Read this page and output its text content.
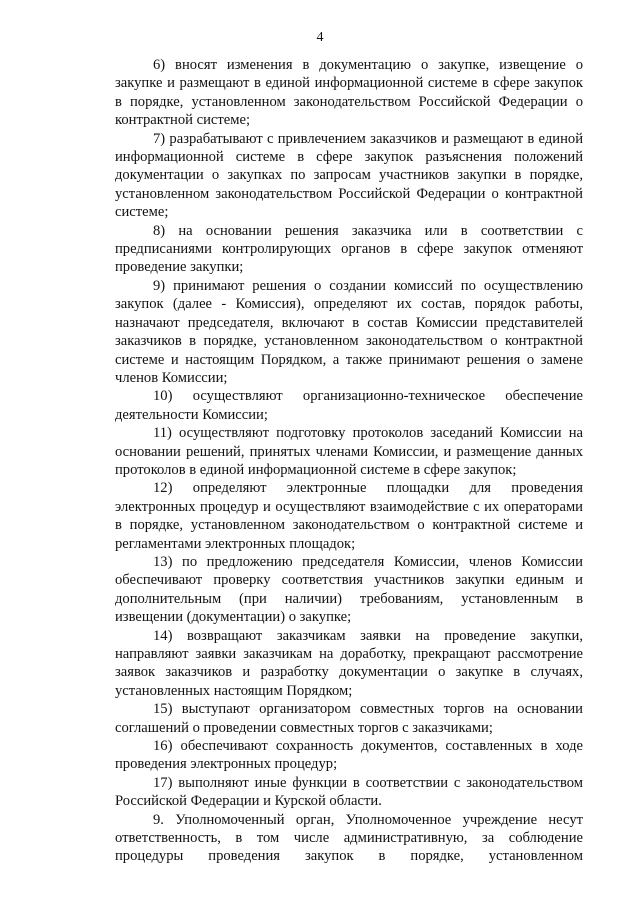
4

6) вносят изменения в документацию о закупке, извещение о закупке и размещают в единой информационной системе в сфере закупок в порядке, установленном законодательством Российской Федерации о контрактной системе;

7) разрабатывают с привлечением заказчиков и размещают в единой информационной системе в сфере закупок разъяснения положений документации о закупках по запросам участников закупки в порядке, установленном законодательством Российской Федерации о контрактной системе;

8) на основании решения заказчика или в соответствии с предписаниями контролирующих органов в сфере закупок отменяют проведение закупки;

9) принимают решения о создании комиссий по осуществлению закупок (далее - Комиссия), определяют их состав, порядок работы, назначают председателя, включают в состав Комиссии представителей заказчиков в порядке, установленном законодательством о контрактной системе и настоящим Порядком, а также принимают решения о замене членов Комиссии;

10) осуществляют организационно-техническое обеспечение деятельности Комиссии;

11) осуществляют подготовку протоколов заседаний Комиссии на основании решений, принятых членами Комиссии, и размещение данных протоколов в единой информационной системе в сфере закупок;

12) определяют электронные площадки для проведения электронных процедур и осуществляют взаимодействие с их операторами в порядке, установленном законодательством о контрактной системе и регламентами электронных площадок;

13) по предложению председателя Комиссии, членов Комиссии обеспечивают проверку соответствия участников закупки единым и дополнительным (при наличии) требованиям, установленным в извещении (документации) о закупке;

14) возвращают заказчикам заявки на проведение закупки, направляют заявки заказчикам на доработку, прекращают рассмотрение заявок заказчиков и разработку документации о закупке в случаях, установленных настоящим Порядком;

15) выступают организатором совместных торгов на основании соглашений о проведении совместных торгов с заказчиками;

16) обеспечивают сохранность документов, составленных в ходе проведения электронных процедур;

17) выполняют иные функции в соответствии с законодательством Российской Федерации и Курской области.

9. Уполномоченный орган, Уполномоченное учреждение несут ответственность, в том числе административную, за соблюдение процедуры проведения закупок в порядке, установленном
